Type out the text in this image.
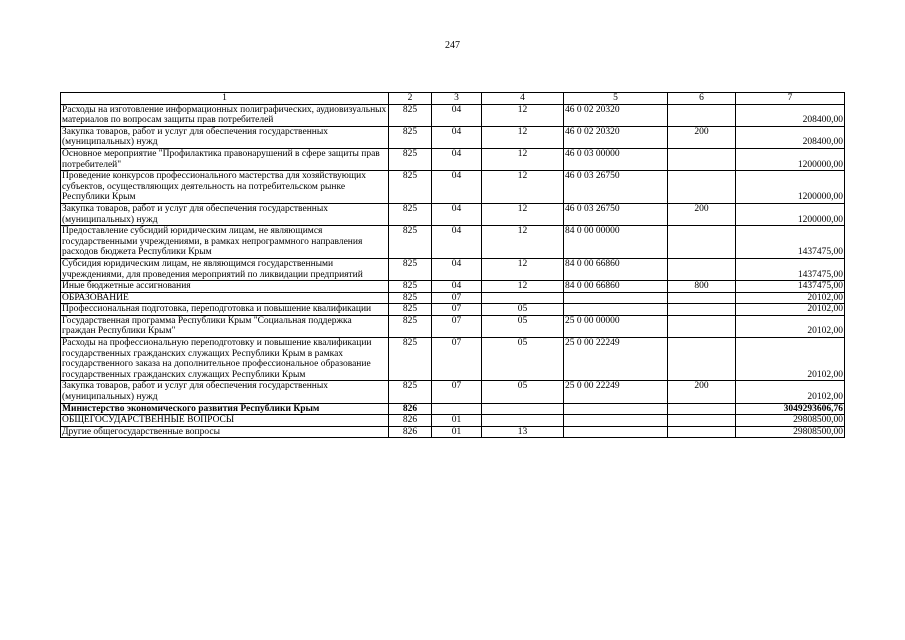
247
1	2	3	4	5	6	7
Расходы на изготовление информационных полиграфических, аудиовизуальных материалов по вопросам защиты прав потребителей	825	04	12	46 0 02 20320		208400,00
Закупка товаров, работ и услуг для обеспечения государственных (муниципальных) нужд	825	04	12	46 0 02 20320	200	208400,00
Основное мероприятие "Профилактика правонарушений в сфере защиты прав потребителей"	825	04	12	46 0 03 00000		1200000,00
Проведение конкурсов профессионального мастерства для хозяйствующих субъектов, осуществляющих деятельность на потребительском рынке Республики Крым	825	04	12	46 0 03 26750		1200000,00
Закупка товаров, работ и услуг для обеспечения государственных (муниципальных) нужд	825	04	12	46 0 03 26750	200	1200000,00
Предоставление субсидий юридическим лицам, не являющимся государственными учреждениями, в рамках непрограммного направления расходов бюджета Республики Крым	825	04	12	84 0 00 00000		1437475,00
Субсидия юридическим лицам, не являющимся государственными учреждениями, для проведения мероприятий по ликвидации предприятий	825	04	12	84 0 00 66860		1437475,00
Иные бюджетные ассигнования	825	04	12	84 0 00 66860	800	1437475,00
ОБРАЗОВАНИЕ	825	07				20102,00
Профессиональная подготовка, переподготовка и повышение квалификации	825	07	05			20102,00
Государственная программа Республики Крым "Социальная поддержка граждан Республики Крым"	825	07	05	25 0 00 00000		20102,00
Расходы на профессиональную переподготовку и повышение квалификации государственных гражданских служащих Республики Крым в рамках государственного заказа на дополнительное профессиональное образование государственных гражданских служащих Республики Крым	825	07	05	25 0 00 22249		20102,00
Закупка товаров, работ и услуг для обеспечения государственных (муниципальных) нужд	825	07	05	25 0 00 22249	200	20102,00
Министерство экономического развития Республики Крым	826					3049293606,76
ОБЩЕГОСУДАРСТВЕННЫЕ ВОПРОСЫ	826	01				29808500,00
Другие общегосударственные вопросы	826	01	13			29808500,00
